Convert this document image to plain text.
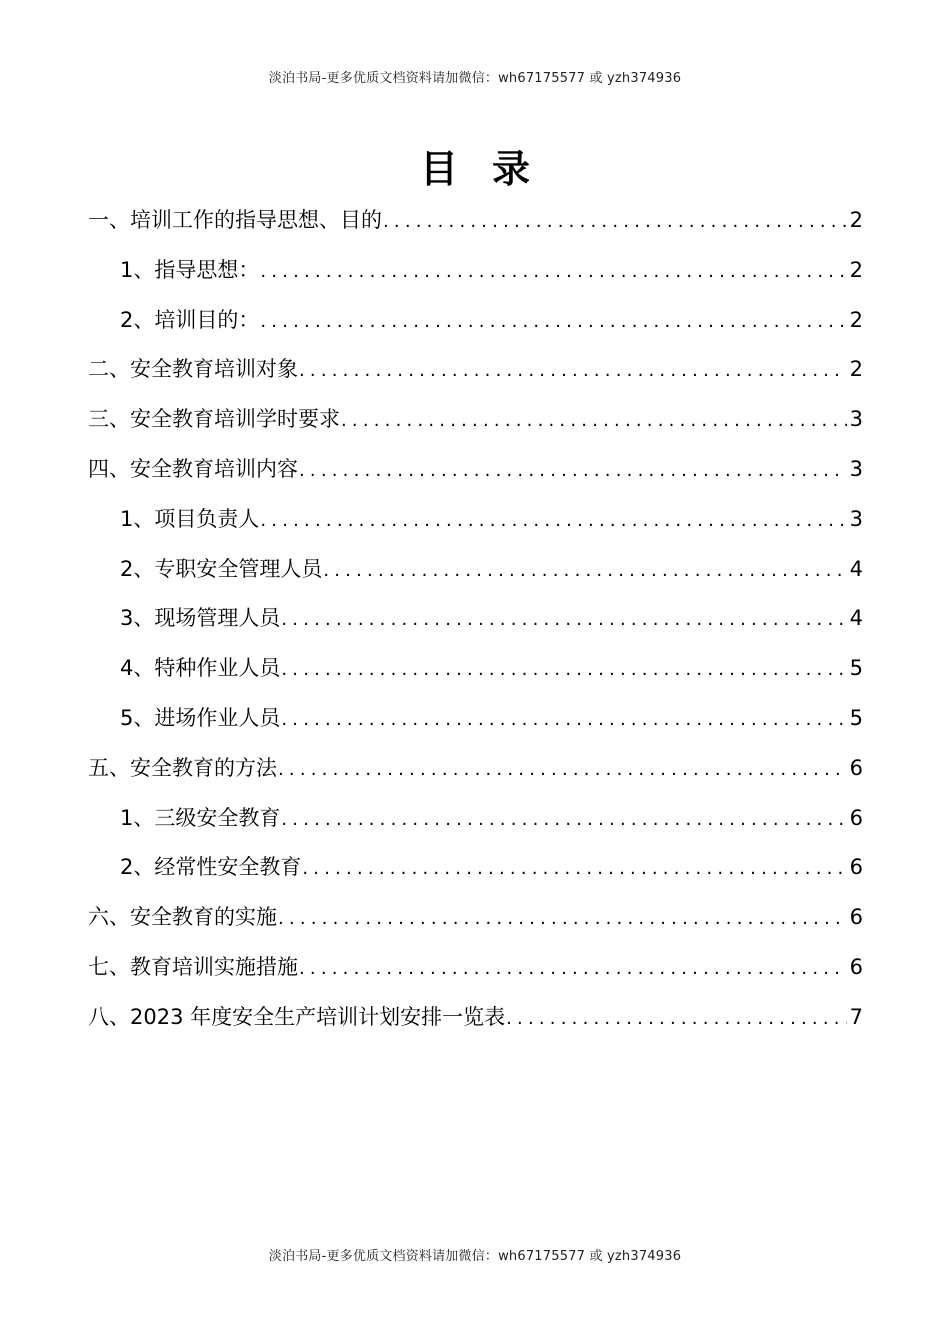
淡泊书局-更多优质文档资料请加微信：wh67175577 或 yzh374936
目录
一、培训工作的指导思想、目的 .....	2
1、指导思想： .....	2
2、培训目的： .....	2
二、安全教育培训对象 .....	2
三、安全教育培训学时要求 .....	3
四、安全教育培训内容 .....	3
1、项目负责人 .....	3
2、专职安全管理人员 .....	4
3、现场管理人员 .....	4
4、特种作业人员 .....	5
5、进场作业人员 .....	5
五、安全教育的方法 .....	6
1、三级安全教育 .....	6
2、经常性安全教育 .....	6
六、安全教育的实施 .....	6
七、教育培训实施措施 .....	6
八、2023 年度安全生产培训计划安排一览表 .....	7
淡泊书局-更多优质文档资料请加微信：wh67175577 或 yzh374936
